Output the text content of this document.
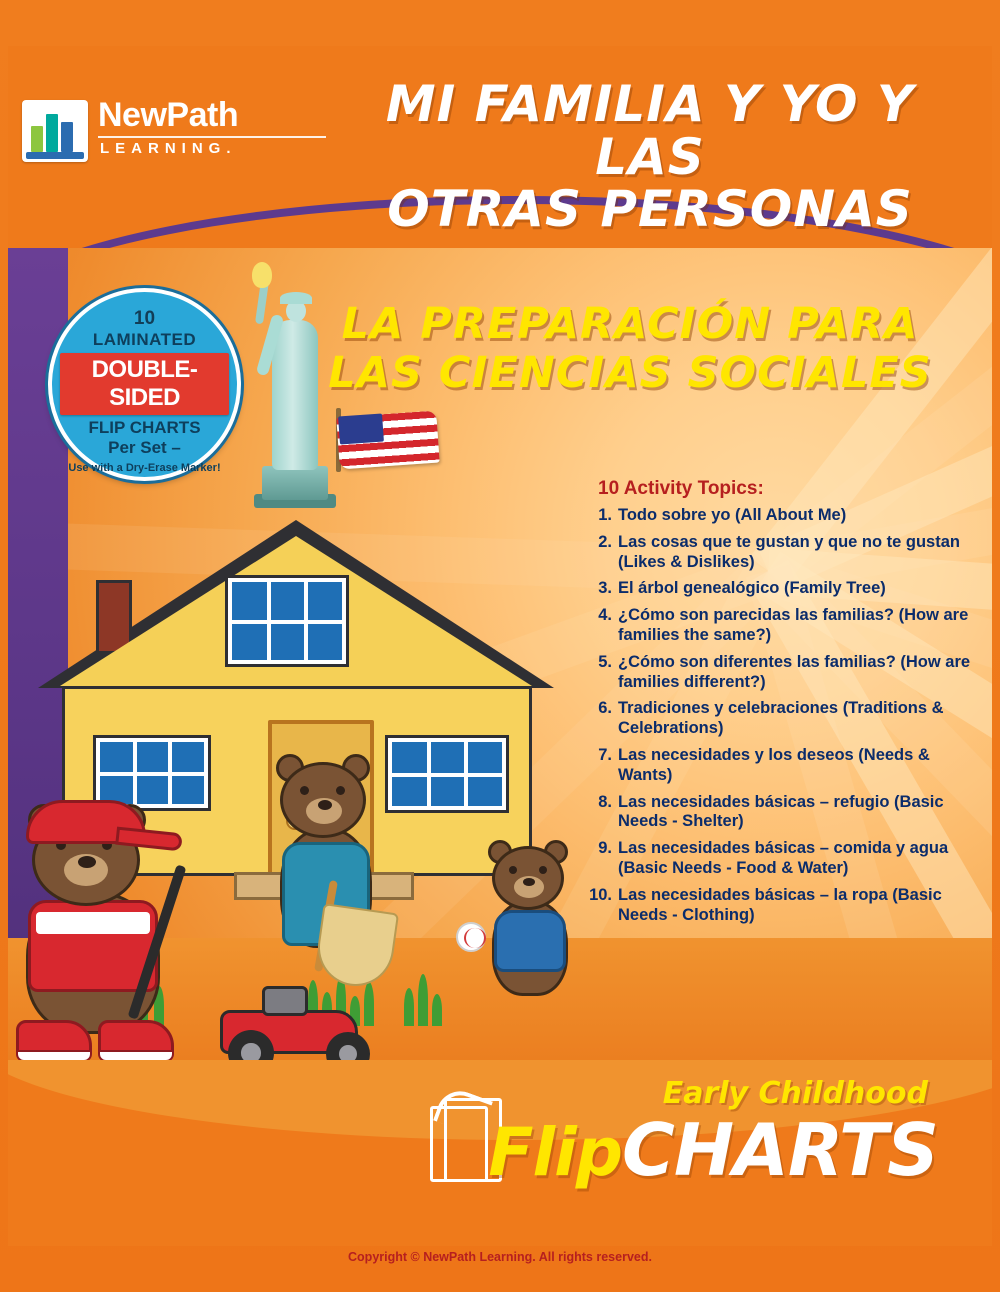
NewPath
LEARNING.
MI FAMILIA Y YO Y LAS
OTRAS PERSONAS
10
LAMINATED
DOUBLE-SIDED
FLIP CHARTS
Per Set –
Use with a Dry-Erase Marker!
LA PREPARACIÓN PARA
LAS CIENCIAS SOCIALES
10 Activity Topics:
1. Todo sobre yo (All About Me)
2. Las cosas que te gustan y que no te gustan (Likes & Dislikes)
3. El árbol genealógico (Family Tree)
4. ¿Cómo son parecidas las familias? (How are families the same?)
5. ¿Cómo son diferentes las familias? (How are families different?)
6. Tradiciones y celebraciones (Traditions & Celebrations)
7. Las necesidades y los deseos (Needs & Wants)
8. Las necesidades básicas – refugio (Basic Needs - Shelter)
9. Las necesidades básicas – comida y agua (Basic Needs - Food & Water)
10. Las necesidades básicas – la ropa (Basic Needs - Clothing)
Early Childhood
FlipCHARTS
Copyright © NewPath Learning. All rights reserved.
